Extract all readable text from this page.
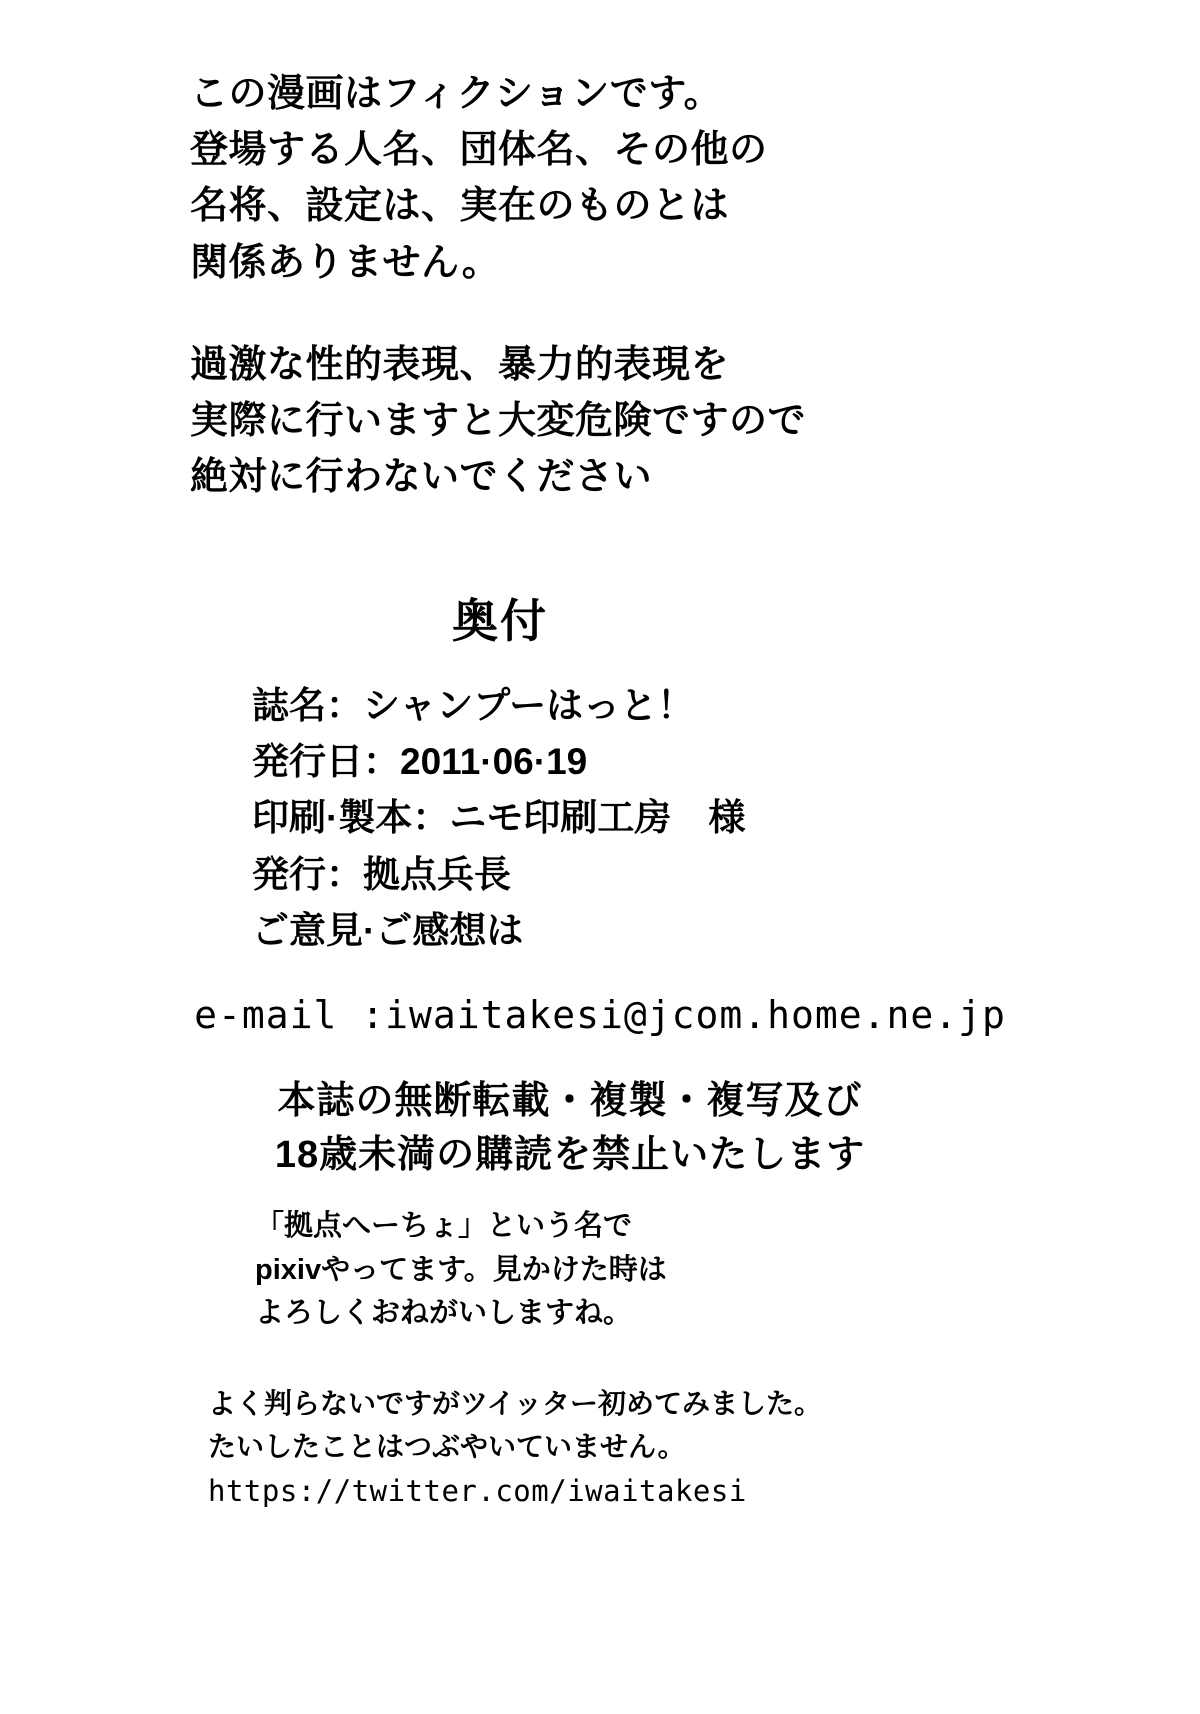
この漫画はフィクションです。

登場する人名、団体名、その他の

名将、設定は、実在のものとは

関係ありません。

過激な性的表現、暴力的表現を

実際に行いますと大変危険ですので

絶対に行わないでください

奥付

誌名：シャンプーはっと！

発行日：2011·06·19

印刷·製本：ニモ印刷工房　様

発行：拠点兵長

ご意見·ご感想は

e-mail :iwaitakesi@jcom.home.ne.jp

本誌の無断転載・複製・複写及び

18歳未満の購読を禁止いたします

「拠点へーちょ」という名で

pixivやってます。見かけた時は

よろしくおねがいしますね。

よく判らないですがツイッター初めてみました。

たいしたことはつぶやいていません。

https://twitter.com/iwaitakesi
